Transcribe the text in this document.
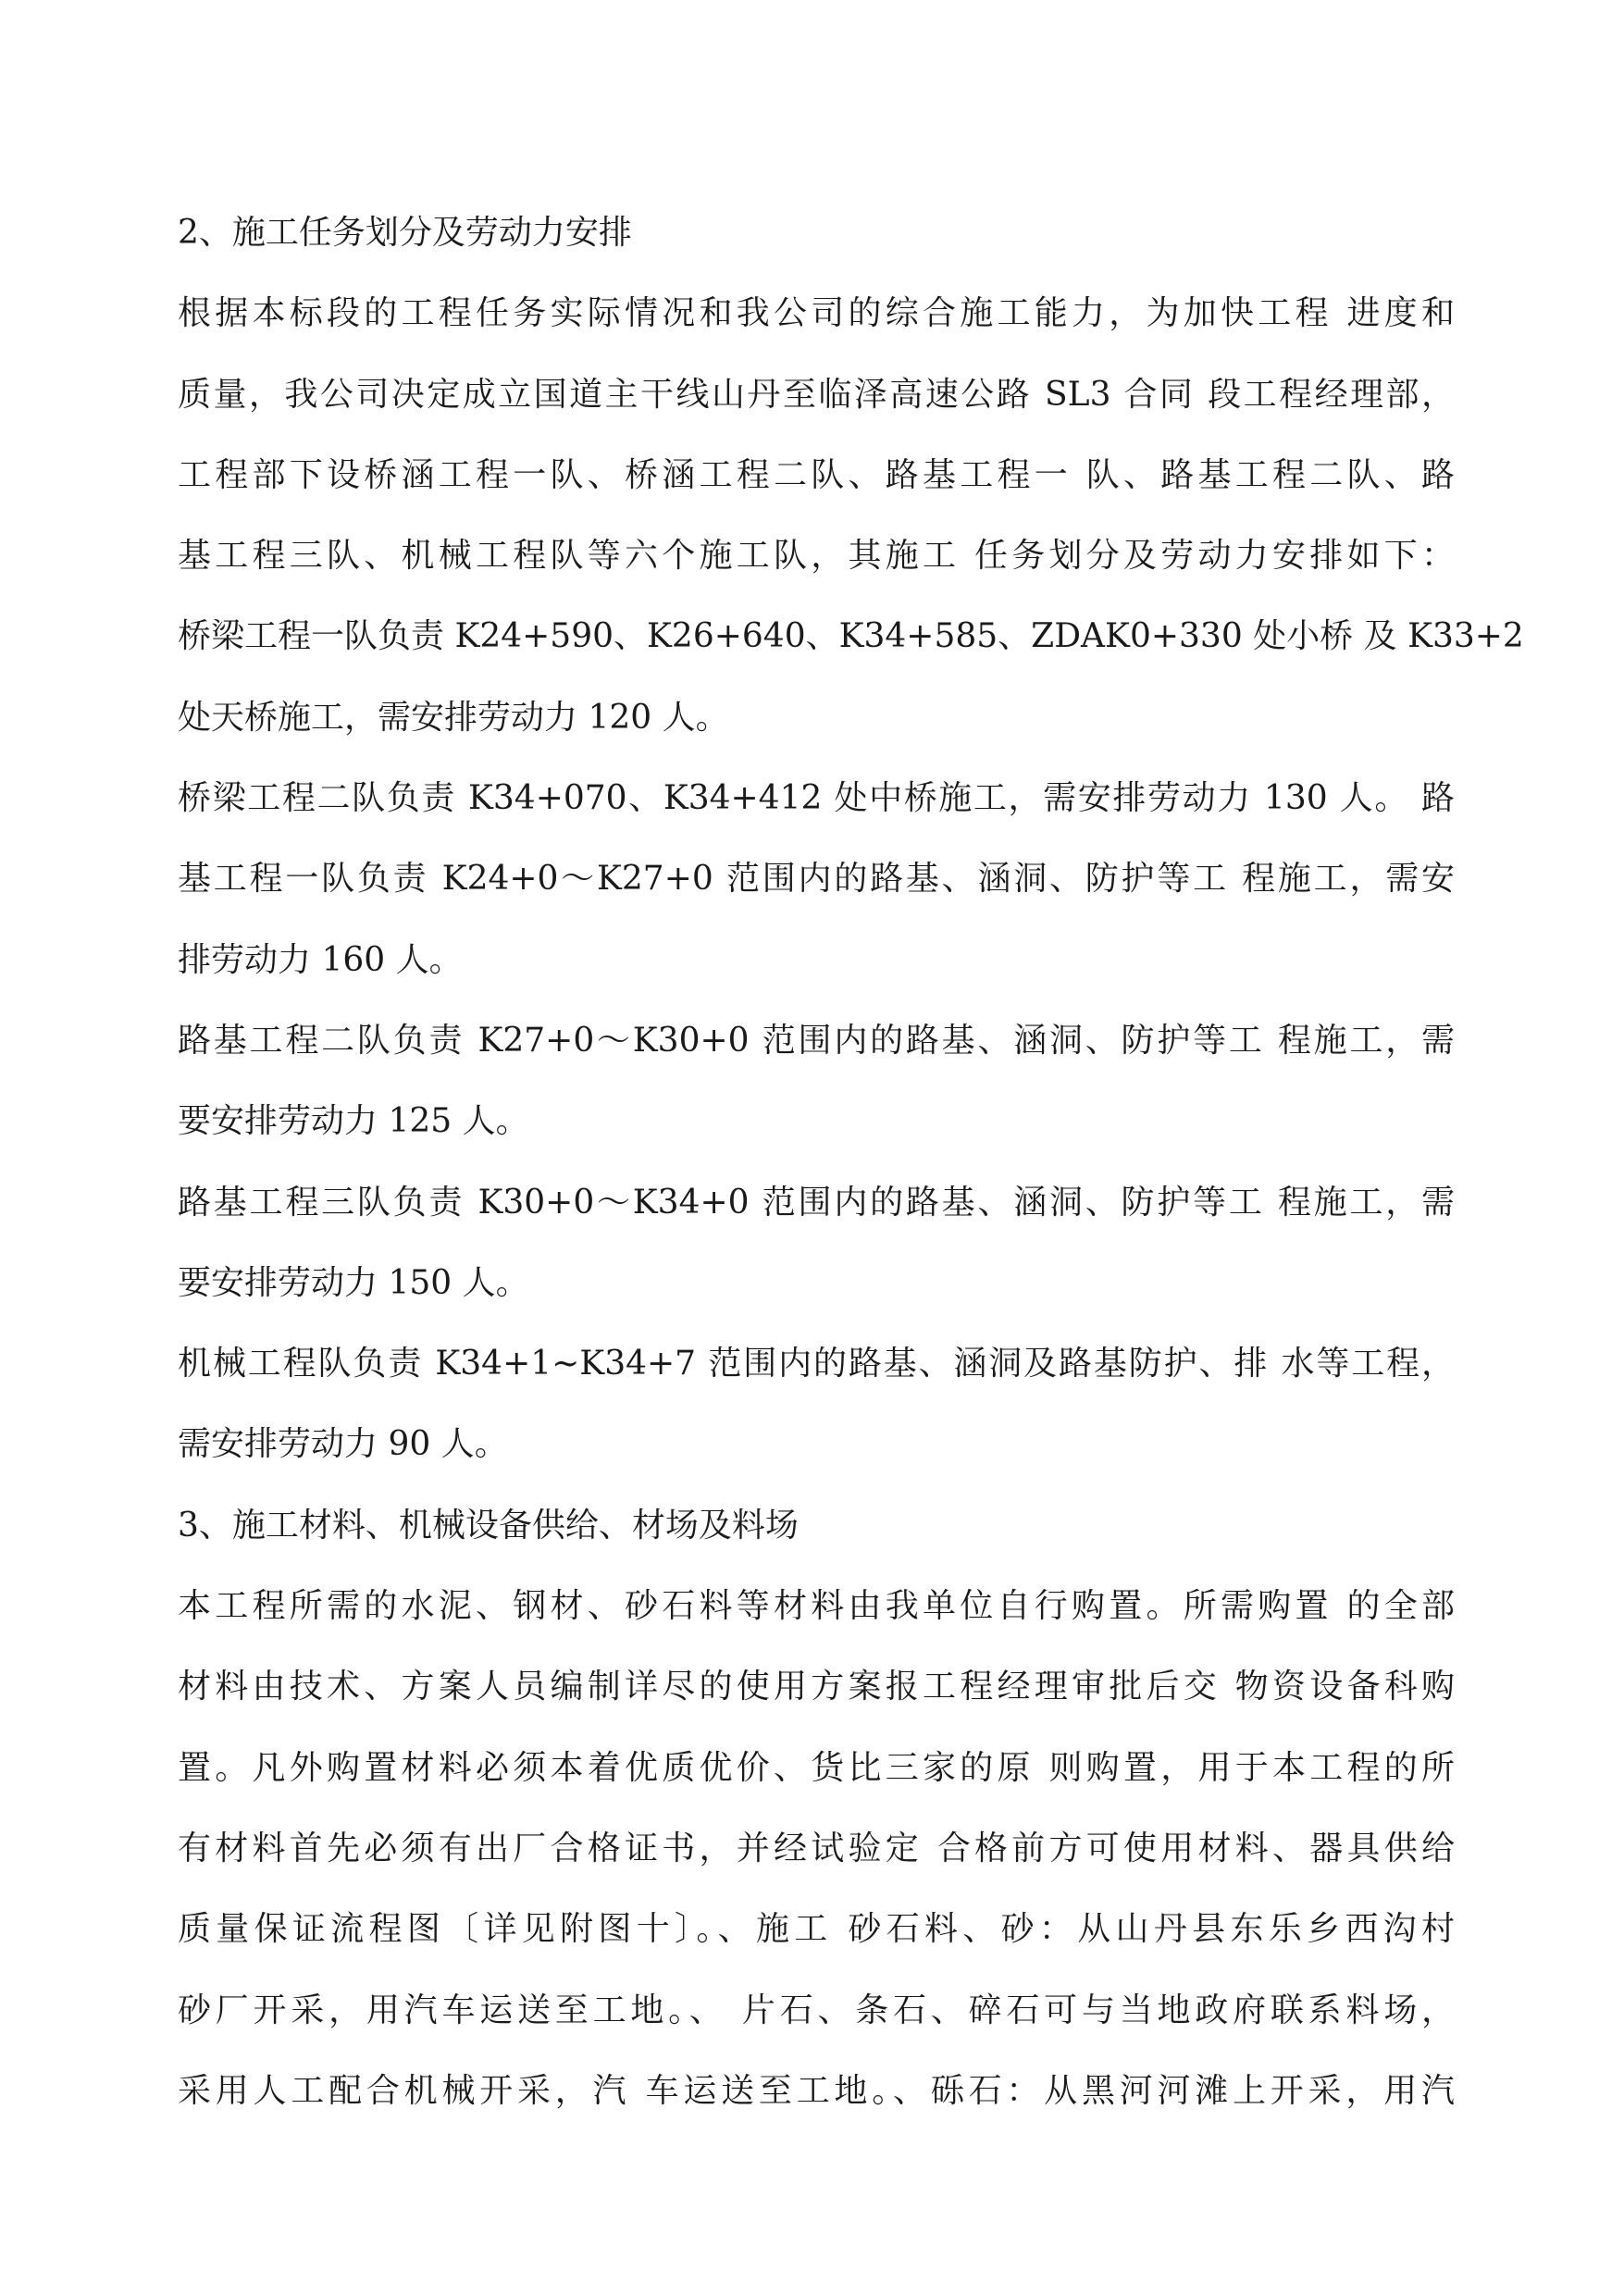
2、施工任务划分及劳动力安排
根据本标段的工程任务实际情况和我公司的综合施工能力，为加快工程 进度和
质量，我公司决定成立国道主干线山丹至临泽高速公路 SL3 合同 段工程经理部，
工程部下设桥涵工程一队、桥涵工程二队、路基工程一 队、路基工程二队、路
基工程三队、机械工程队等六个施工队，其施工 任务划分及劳动力安排如下：
桥梁工程一队负责 K24+590、K26+640、K34+585、ZDAK0+330 处小桥 及 K33+2
处天桥施工，需安排劳动力 120 人。
桥梁工程二队负责 K34+070、K34+412 处中桥施工，需安排劳动力 130 人。 路
基工程一队负责 K24+0〜K27+0 范围内的路基、涵洞、防护等工 程施工，需安
排劳动力 160 人。
路基工程二队负责 K27+0〜K30+0 范围内的路基、涵洞、防护等工 程施工，需
要安排劳动力 125 人。
路基工程三队负责 K30+0〜K34+0 范围内的路基、涵洞、防护等工 程施工，需
要安排劳动力 150 人。
机械工程队负责 K34+1~K34+7 范围内的路基、涵洞及路基防护、排 水等工程，
需安排劳动力 90 人。
3、施工材料、机械设备供给、材场及料场
本工程所需的水泥、钢材、砂石料等材料由我单位自行购置。所需购置 的全部
材料由技术、方案人员编制详尽的使用方案报工程经理审批后交 物资设备科购
置。凡外购置材料必须本着优质优价、货比三家的原 则购置，用于本工程的所
有材料首先必须有出厂合格证书，并经试验定 合格前方可使用材料、器具供给
质量保证流程图〔详见附图十〕。、施工 砂石料、砂：从山丹县东乐乡西沟村
砂厂开采，用汽车运送至工地。、 片石、条石、碎石可与当地政府联系料场，
采用人工配合机械开采，汽 车运送至工地。、砾石：从黑河河滩上开采，用汽
